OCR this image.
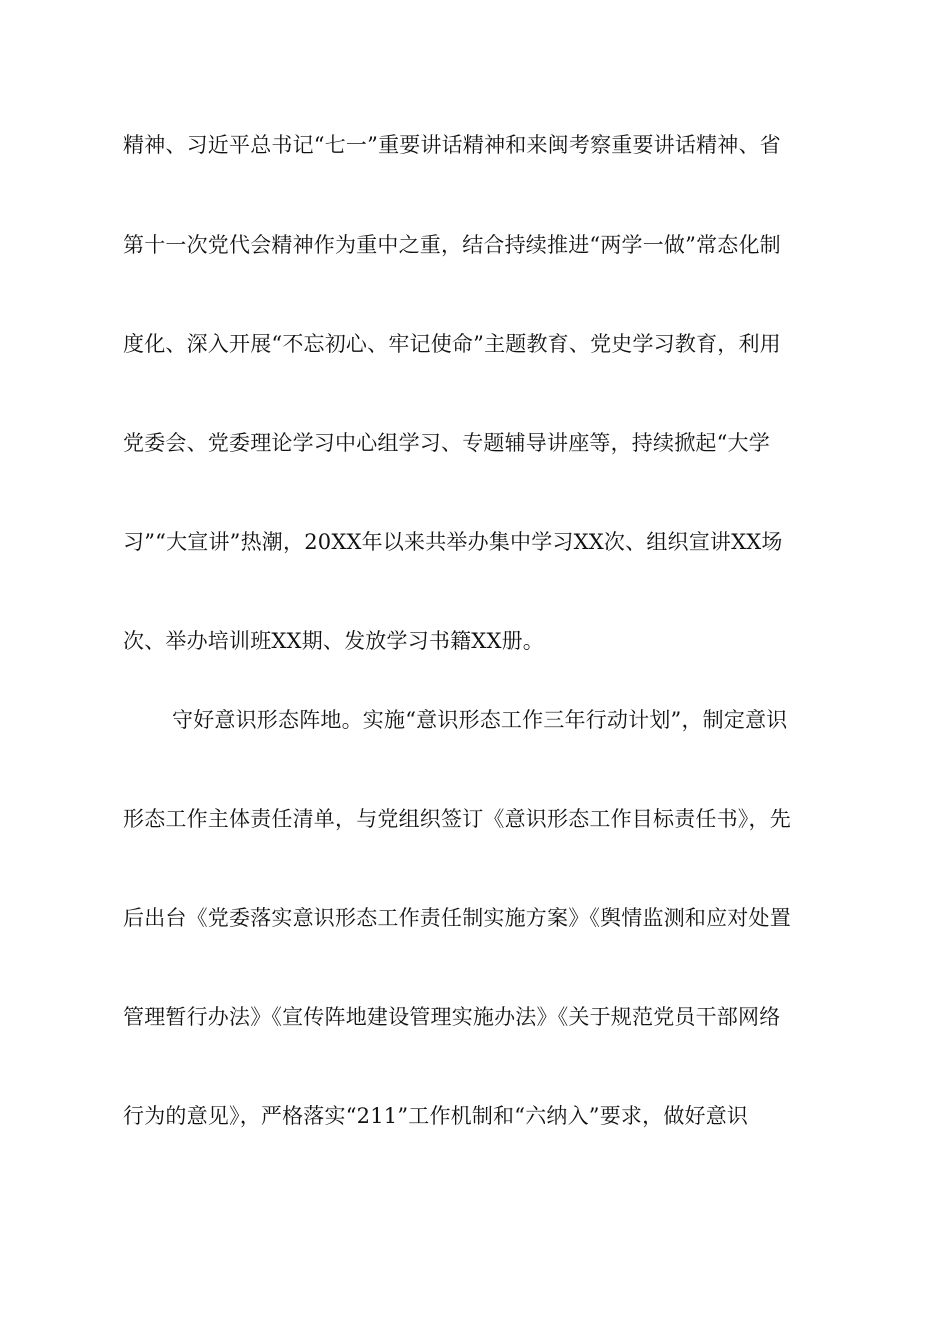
精神、习近平总书记“七一”重要讲话精神和来闽考察重要讲话精神、省
第十一次党代会精神作为重中之重，结合持续推进“两学一做”常态化制
度化、深入开展“不忘初心、牢记使命”主题教育、党史学习教育，利用
党委会、党委理论学习中心组学习、专题辅导讲座等，持续掀起“大学
习”“大宣讲”热潮，20XX年以来共举办集中学习XX次、组织宣讲XX场
次、举办培训班XX期、发放学习书籍XX册。
守好意识形态阵地。实施“意识形态工作三年行动计划”，制定意识
形态工作主体责任清单，与党组织签订《意识形态工作目标责任书》，先
后出台《党委落实意识形态工作责任制实施方案》《舆情监测和应对处置
管理暂行办法》《宣传阵地建设管理实施办法》《关于规范党员干部网络
行为的意见》，严格落实“211”工作机制和“六纳入”要求，做好意识
